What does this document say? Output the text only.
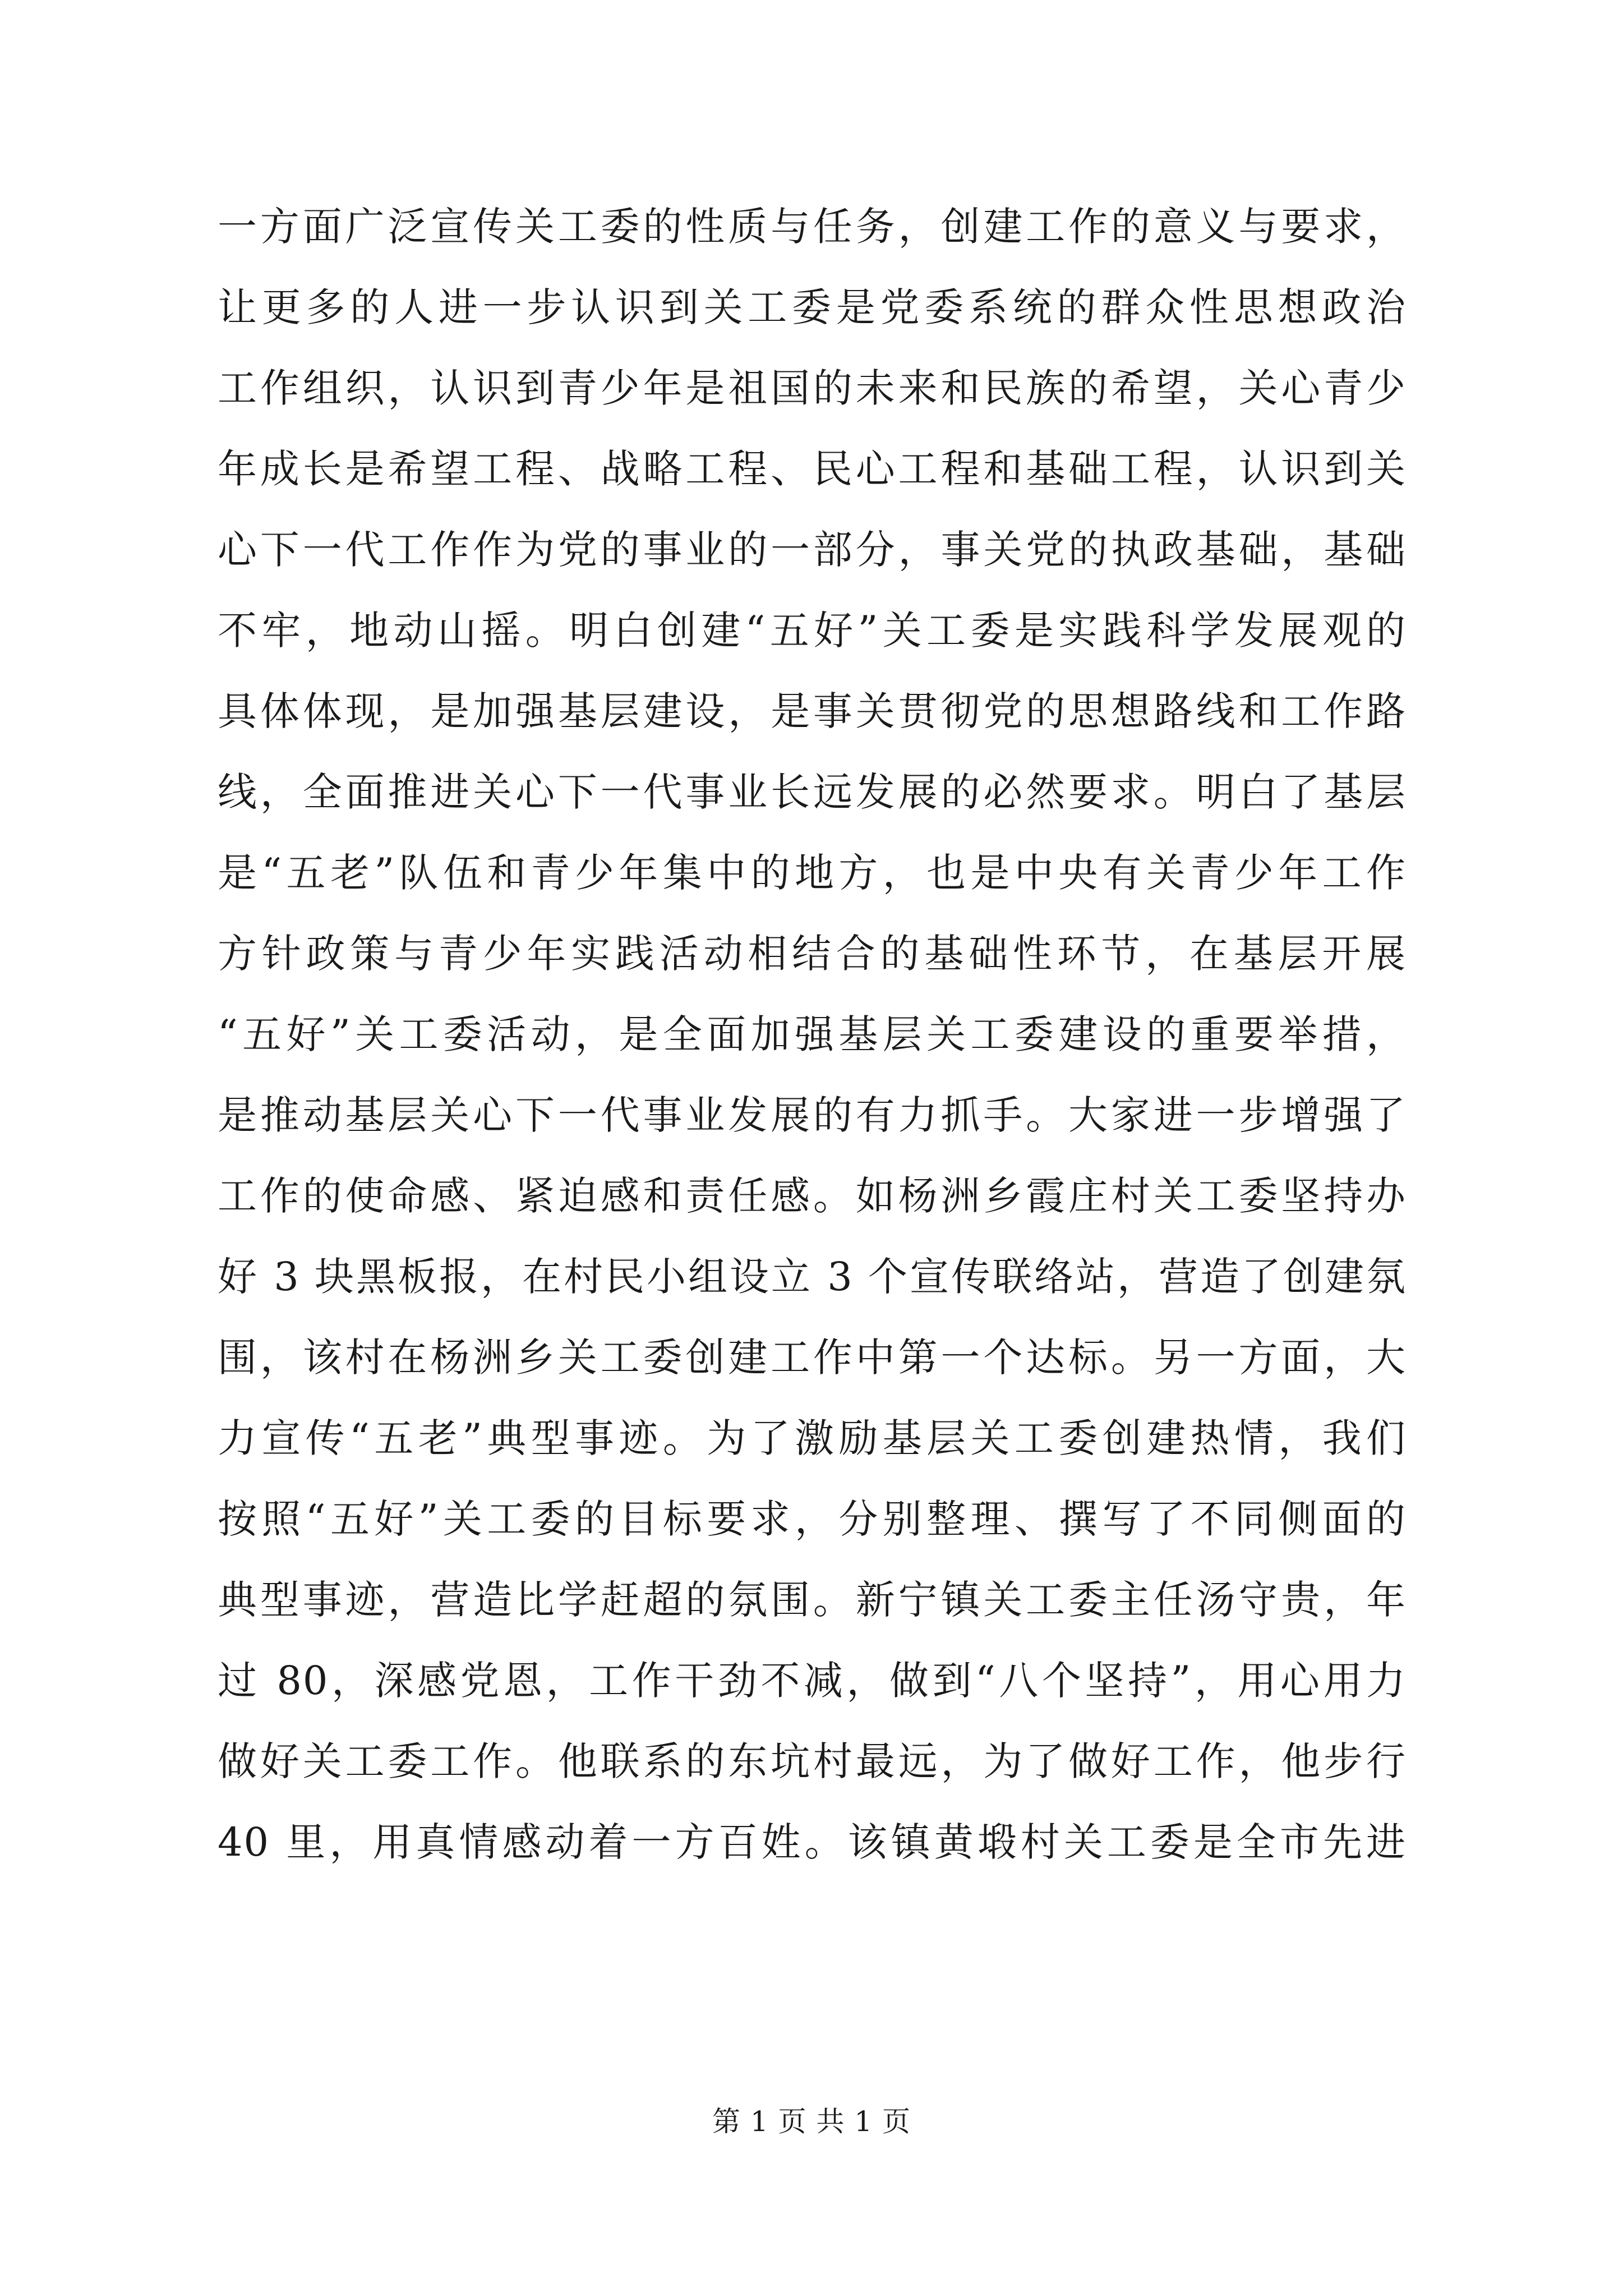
一方面广泛宣传关工委的性质与任务，创建工作的意义与要求，
让更多的人进一步认识到关工委是党委系统的群众性思想政治
工作组织，认识到青少年是祖国的未来和民族的希望，关心青少
年成长是希望工程、战略工程、民心工程和基础工程，认识到关
心下一代工作作为党的事业的一部分，事关党的执政基础，基础
不牢，地动山摇。明白创建“五好”关工委是实践科学发展观的
具体体现，是加强基层建设，是事关贯彻党的思想路线和工作路
线，全面推进关心下一代事业长远发展的必然要求。明白了基层
是“五老”队伍和青少年集中的地方，也是中央有关青少年工作
方针政策与青少年实践活动相结合的基础性环节，在基层开展
“五好”关工委活动，是全面加强基层关工委建设的重要举措，
是推动基层关心下一代事业发展的有力抓手。大家进一步增强了
工作的使命感、紧迫感和责任感。如杨洲乡霞庄村关工委坚持办
好 3 块黑板报，在村民小组设立 3 个宣传联络站，营造了创建氛
围，该村在杨洲乡关工委创建工作中第一个达标。另一方面，大
力宣传“五老”典型事迹。为了激励基层关工委创建热情，我们
按照“五好”关工委的目标要求，分别整理、撰写了不同侧面的
典型事迹，营造比学赶超的氛围。新宁镇关工委主任汤守贵，年
过 80，深感党恩，工作干劲不减，做到“八个坚持”，用心用力
做好关工委工作。他联系的东坑村最远，为了做好工作，他步行
40 里，用真情感动着一方百姓。该镇黄塅村关工委是全市先进
第 1 页 共 1 页
